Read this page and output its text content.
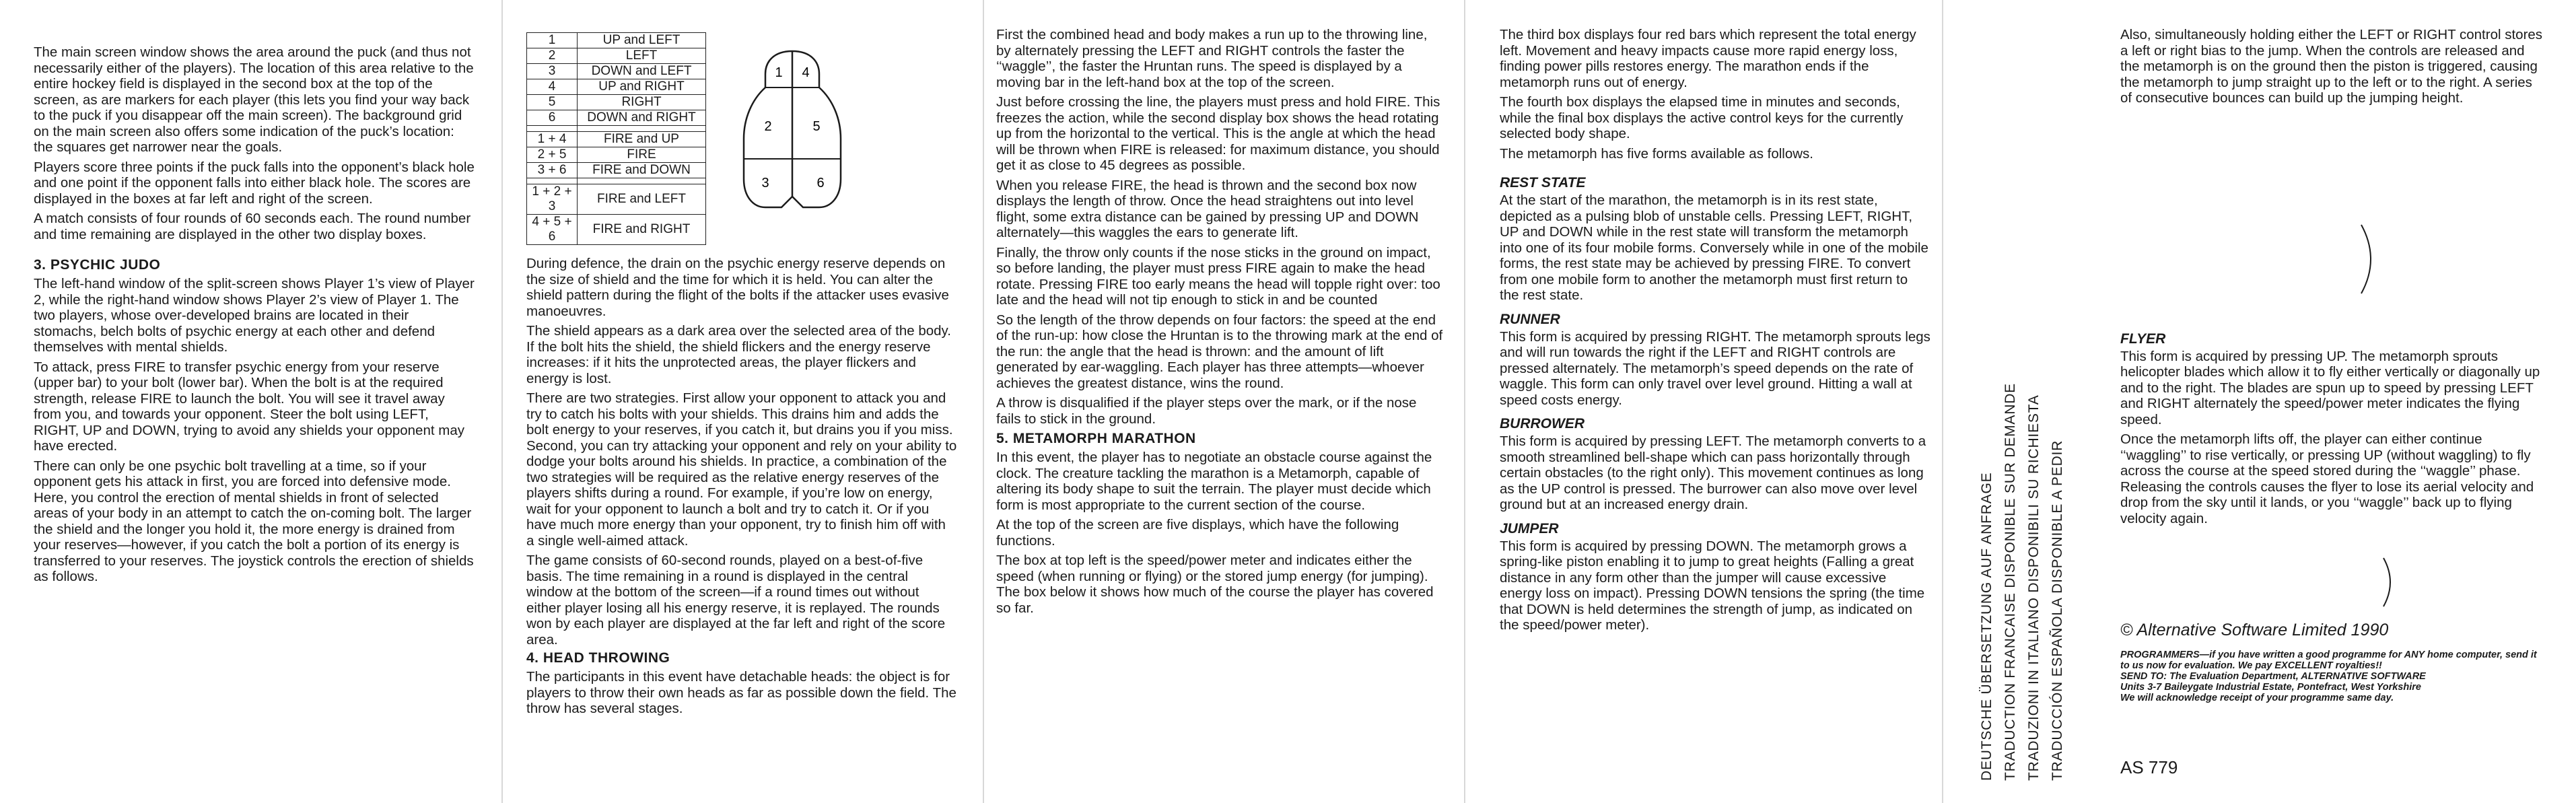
The main screen window shows the area around the puck (and thus not necessarily either of the players). The location of this area relative to the entire hockey field is displayed in the second box at the top of the screen, as are markers for each player (this lets you find your way back to the puck if you disappear off the main screen). The background grid on the main screen also offers some indication of the puck’s location: the squares get narrower near the goals.

Players score three points if the puck falls into the opponent’s black hole and one point if the opponent falls into either black hole. The scores are displayed in the boxes at far left and right of the screen.

A match consists of four rounds of 60 seconds each. The round number and time remaining are displayed in the other two display boxes.

3. PSYCHIC JUDO

The left-hand window of the split-screen shows Player 1’s view of Player 2, while the right-hand window shows Player 2’s view of Player 1. The two players, whose over-developed brains are located in their stomachs, belch bolts of psychic energy at each other and defend themselves with mental shields.

To attack, press FIRE to transfer psychic energy from your reserve (upper bar) to your bolt (lower bar). When the bolt is at the required strength, release FIRE to launch the bolt. You will see it travel away from you, and towards your opponent. Steer the bolt using LEFT, RIGHT, UP and DOWN, trying to avoid any shields your opponent may have erected.

There can only be one psychic bolt travelling at a time, so if your opponent gets his attack in first, you are forced into defensive mode. Here, you control the erection of mental shields in front of selected areas of your body in an attempt to catch the on-coming bolt. The larger the shield and the longer you hold it, the more energy is drained from your reserves—however, if you catch the bolt a portion of its energy is transferred to your reserves. The joystick controls the erection of shields as follows.

1	UP and LEFT
2	LEFT
3	DOWN and LEFT
4	UP and RIGHT
5	RIGHT
6	DOWN and RIGHT

1 + 4	FIRE and UP
2 + 5	FIRE
3 + 6	FIRE and DOWN

1 + 2 + 3	FIRE and LEFT
4 + 5 + 6	FIRE and RIGHT
1 4
2	5
3	6

During defence, the drain on the psychic energy reserve depends on the size of shield and the time for which it is held. You can alter the shield pattern during the flight of the bolts if the attacker uses evasive manoeuvres.

The shield appears as a dark area over the selected area of the body. If the bolt hits the shield, the shield flickers and the energy reserve increases: if it hits the unprotected areas, the player flickers and energy is lost.

There are two strategies. First allow your opponent to attack you and try to catch his bolts with your shields. This drains him and adds the bolt energy to your reserves, if you catch it, but drains you if you miss. Second, you can try attacking your opponent and rely on your ability to dodge your bolts around his shields. In practice, a combination of the two strategies will be required as the relative energy reserves of the players shifts during a round. For example, if you’re low on energy, wait for your opponent to launch a bolt and try to catch it. Or if you have much more energy than your opponent, try to finish him off with a single well-aimed attack.

The game consists of 60-second rounds, played on a best-of-five basis. The time remaining in a round is displayed in the central window at the bottom of the screen—if a round times out without either player losing all his energy reserve, it is replayed. The rounds won by each player are displayed at the far left and right of the score area.

4. HEAD THROWING

The participants in this event have detachable heads: the object is for players to throw their own heads as far as possible down the field. The throw has several stages.

First the combined head and body makes a run up to the throwing line, by alternately pressing the LEFT and RIGHT controls the faster the ‘‘waggle’’, the faster the Hruntan runs. The speed is displayed by a moving bar in the left-hand box at the top of the screen.

Just before crossing the line, the players must press and hold FIRE. This freezes the action, while the second display box shows the head rotating up from the horizontal to the vertical. This is the angle at which the head will be thrown when FIRE is released: for maximum distance, you should get it as close to 45 degrees as possible.

When you release FIRE, the head is thrown and the second box now displays the length of throw. Once the head straightens out into level flight, some extra distance can be gained by pressing UP and DOWN alternately—this waggles the ears to generate lift.

Finally, the throw only counts if the nose sticks in the ground on impact, so before landing, the player must press FIRE again to make the head rotate. Pressing FIRE too early means the head will topple right over: too late and the head will not tip enough to stick in and be counted

So the length of the throw depends on four factors: the speed at the end of the run-up: how close the Hruntan is to the throwing mark at the end of the run: the angle that the head is thrown: and the amount of lift generated by ear-waggling. Each player has three attempts—whoever achieves the greatest distance, wins the round.

A throw is disqualified if the player steps over the mark, or if the nose fails to stick in the ground.

5. METAMORPH MARATHON

In this event, the player has to negotiate an obstacle course against the clock. The creature tackling the marathon is a Metamorph, capable of altering its body shape to suit the terrain. The player must decide which form is most appropriate to the current section of the course.

At the top of the screen are five displays, which have the following functions.

The box at top left is the speed/power meter and indicates either the speed (when running or flying) or the stored jump energy (for jumping). The box below it shows how much of the course the player has covered so far.

The third box displays four red bars which represent the total energy left. Movement and heavy impacts cause more rapid energy loss, finding power pills restores energy. The marathon ends if the metamorph runs out of energy.

The fourth box displays the elapsed time in minutes and seconds, while the final box displays the active control keys for the currently selected body shape.

The metamorph has five forms available as follows.

REST STATE

At the start of the marathon, the metamorph is in its rest state, depicted as a pulsing blob of unstable cells. Pressing LEFT, RIGHT, UP and DOWN while in the rest state will transform the metamorph into one of its four mobile forms. Conversely while in one of the mobile forms, the rest state may be achieved by pressing FIRE. To convert from one mobile form to another the metamorph must first return to the rest state.

RUNNER

This form is acquired by pressing RIGHT. The metamorph sprouts legs and will run towards the right if the LEFT and RIGHT controls are pressed alternately. The metamorph’s speed depends on the rate of waggle. This form can only travel over level ground. Hitting a wall at speed costs energy.

BURROWER

This form is acquired by pressing LEFT. The metamorph converts to a smooth streamlined bell-shape which can pass horizontally through certain obstacles (to the right only). This movement continues as long as the UP control is pressed. The burrower can also move over level ground but at an increased energy drain.

JUMPER

This form is acquired by pressing DOWN. The metamorph grows a spring-like piston enabling it to jump to great heights (Falling a great distance in any form other than the jumper will cause excessive energy loss on impact). Pressing DOWN tensions the spring (the time that DOWN is held determines the strength of jump, as indicated on the speed/power meter).	DEUTSCHE ÜBERSETZUNG AUF ANFRAGE TRADUCTION FRANCAISE DISPONIBLE SUR DEMANDE TRADUZIONI IN ITALIANO DISPONIBILI SU RICHIESTA TRADUCCIÓN ESPAÑOLA DISPONIBLE A PEDIR

Also, simultaneously holding either the LEFT or RIGHT control stores a left or right bias to the jump. When the controls are released and the metamorph is on the ground then the piston is triggered, causing the metamorph to jump straight up to the left or to the right. A series of consecutive bounces can build up the jumping height.

FLYER

This form is acquired by pressing UP. The metamorph sprouts helicopter blades which allow it to fly either vertically or diagonally up and to the right. The blades are spun up to speed by pressing LEFT and RIGHT alternately the speed/power meter indicates the flying speed.

Once the metamorph lifts off, the player can either continue ‘‘waggling’’ to rise vertically, or pressing UP (without waggling) to fly across the course at the speed stored during the ‘‘waggle’’ phase. Releasing the controls causes the flyer to lose its aerial velocity and drop from the sky until it lands, or you ‘‘waggle’’ back up to flying velocity again.

© Alternative Software Limited 1990

PROGRAMMERS—if you have written a good programme for ANY home computer, send it to us now for evaluation. We pay EXCELLENT royalties!!

SEND TO: The Evaluation Department, ALTERNATIVE SOFTWARE

Units 3-7 Baileygate Industrial Estate, Pontefract, West Yorkshire

We will acknowledge receipt of your programme same day.

AS 779
